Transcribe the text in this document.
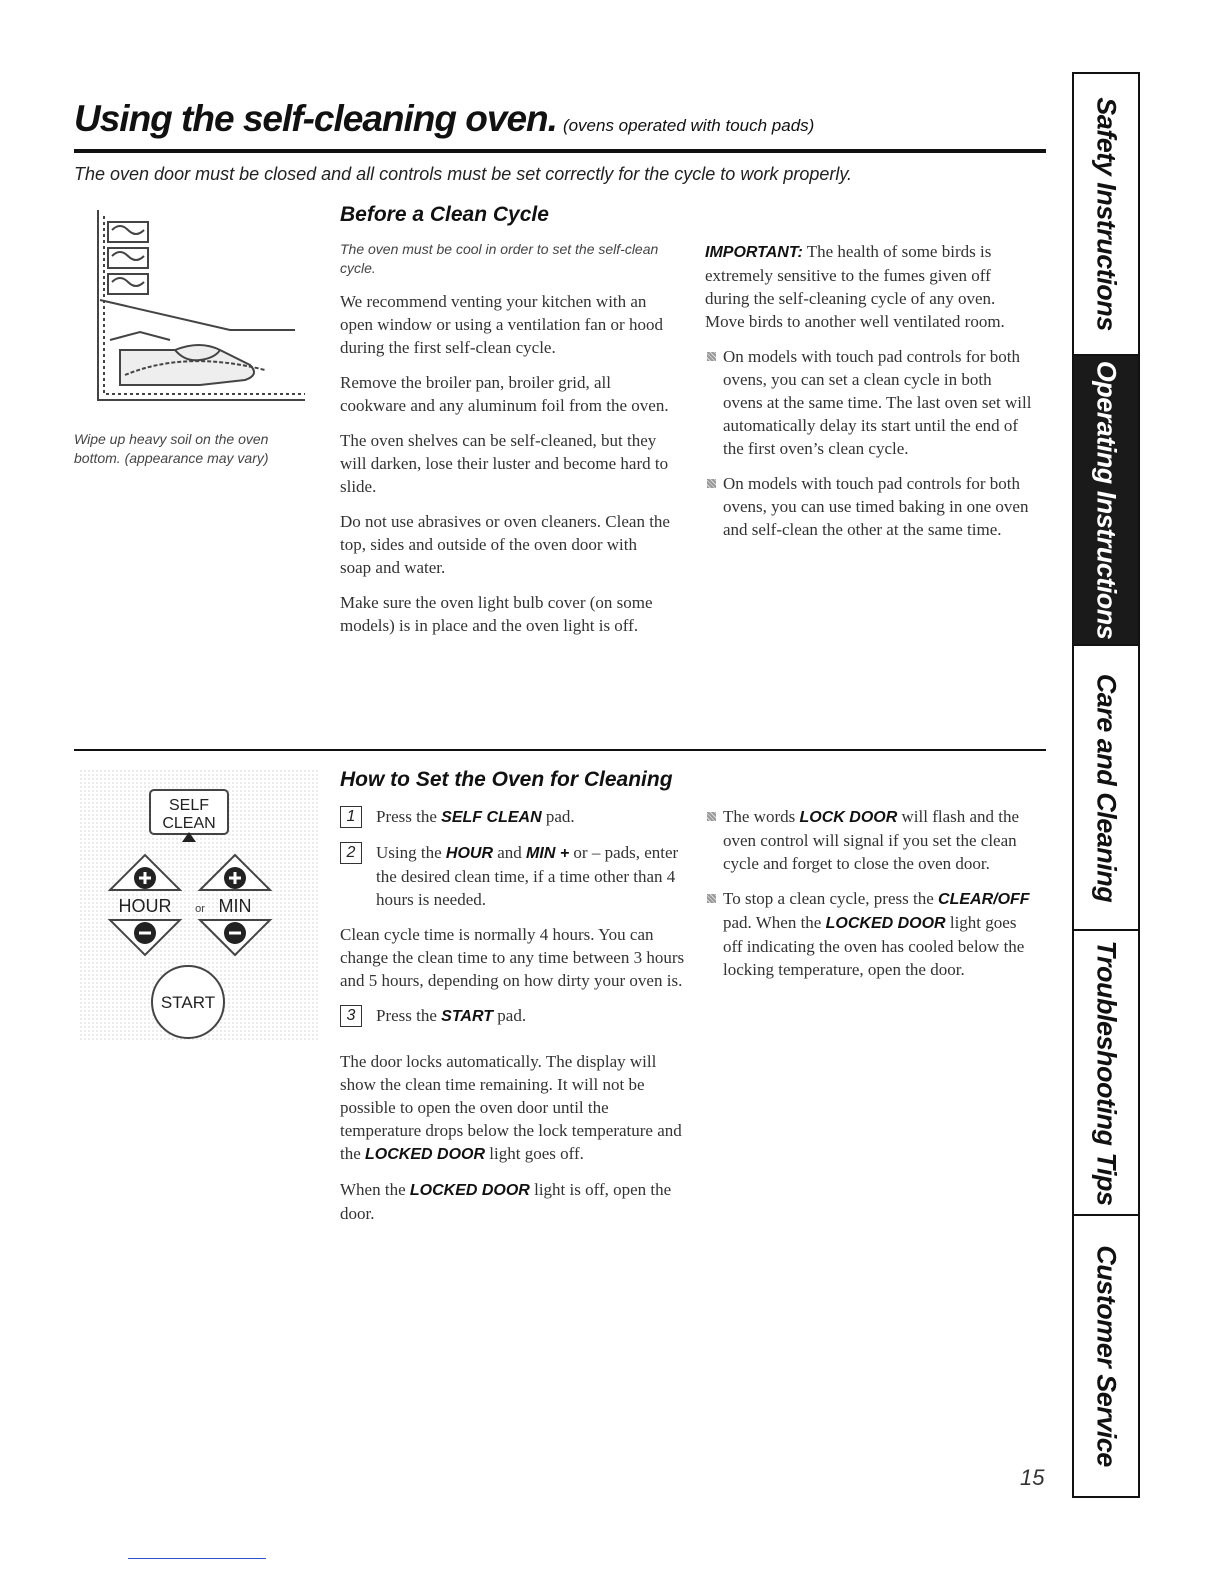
Using the self-cleaning oven. (ovens operated with touch pads)
The oven door must be closed and all controls must be set correctly for the cycle to work properly.
Wipe up heavy soil on the oven bottom. (appearance may vary)
Before a Clean Cycle

The oven must be cool in order to set the self-clean cycle.

We recommend venting your kitchen with an open window or using a ventilation fan or hood during the first self-clean cycle.

Remove the broiler pan, broiler grid, all cookware and any aluminum foil from the oven.

The oven shelves can be self-cleaned, but they will darken, lose their luster and become hard to slide.

Do not use abrasives or oven cleaners. Clean the top, sides and outside of the oven door with soap and water.

Make sure the oven light bulb cover (on some models) is in place and the oven light is off.

IMPORTANT: The health of some birds is extremely sensitive to the fumes given off during the self-cleaning cycle of any oven. Move birds to another well ventilated room.

On models with touch pad controls for both ovens, you can set a clean cycle in both ovens at the same time. The last oven set will automatically delay its start until the end of the first oven’s clean cycle.
On models with touch pad controls for both ovens, you can use timed baking in one oven and self-clean the other at the same time.
SELF
CLEAN
HOUR or MIN
START
How to Set the Oven for Cleaning
1	Press the SELF CLEAN pad.
2	Using the HOUR and MIN + or – pads, enter the desired clean time, if a time other than 4 hours is needed.

Clean cycle time is normally 4 hours. You can change the clean time to any time between 3 hours and 5 hours, depending on how dirty your oven is.

3	Press the START pad.

The door locks automatically. The display will show the clean time remaining. It will not be possible to open the oven door until the temperature drops below the lock temperature and the LOCKED DOOR light goes off.

When the LOCKED DOOR light is off, open the door.

The words LOCK DOOR will flash and the oven control will signal if you set the clean cycle and forget to close the oven door.
To stop a clean cycle, press the CLEAR/OFF pad. When the LOCKED DOOR light goes off indicating the oven has cooled below the locking temperature, open the door.
Safety Instructions
Operating Instructions
Care and Cleaning
Troubleshooting Tips
Customer Service
15
